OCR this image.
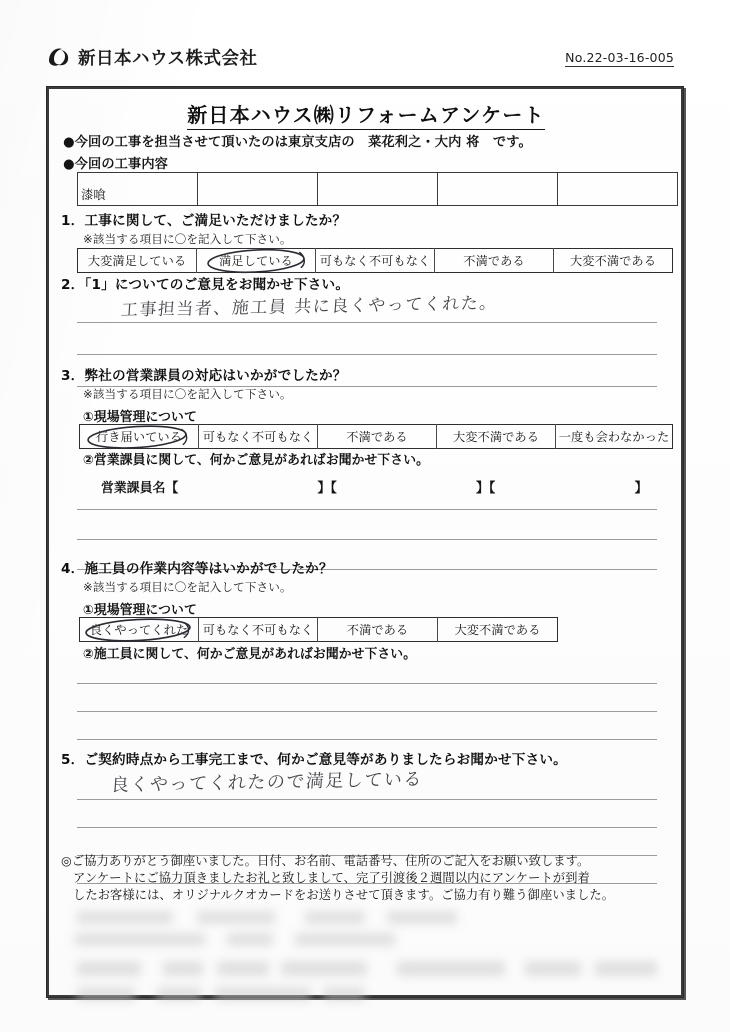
新日本ハウス株式会社	No.22-03-16-005
新日本ハウス㈱リフォームアンケート
●今回の工事を担当させて頂いたのは東京支店の　菜花利之・大内 将　です。
●今回の工事内容
漆喰				
1．工事に関して、ご満足いただけましたか？
※該当する項目に〇を記入して下さい。
大変満足している	満足している	可もなく不可もなく	不満である	大変不満である
2．「1」についてのご意見をお聞かせ下さい。
工事担当者、施工員 共に良くやってくれた。
3．弊社の営業課員の対応はいかがでしたか？
※該当する項目に〇を記入して下さい。
①現場管理について
行き届いている	可もなく不可もなく	不満である	大変不満である	一度も会わなかった
②営業課員に関して、何かご意見があればお聞かせ下さい。
営業課員名【	】【	】【	】
4．施工員の作業内容等はいかがでしたか？
※該当する項目に〇を記入して下さい。
①現場管理について
良くやってくれた	可もなく不可もなく	不満である	大変不満である
②施工員に関して、何かご意見があればお聞かせ下さい。
5．ご契約時点から工事完工まで、何かご意見等がありましたらお聞かせ下さい。
良くやってくれたので満足している
◎ご協力ありがとう御座いました。日付、お名前、電話番号、住所のご記入をお願い致します。
アンケートにご協力頂きましたお礼と致しまして、完了引渡後２週間以内にアンケートが到着
したお客様には、オリジナルクオカードをお送りさせて頂きます。ご協力有り難う御座いました。
